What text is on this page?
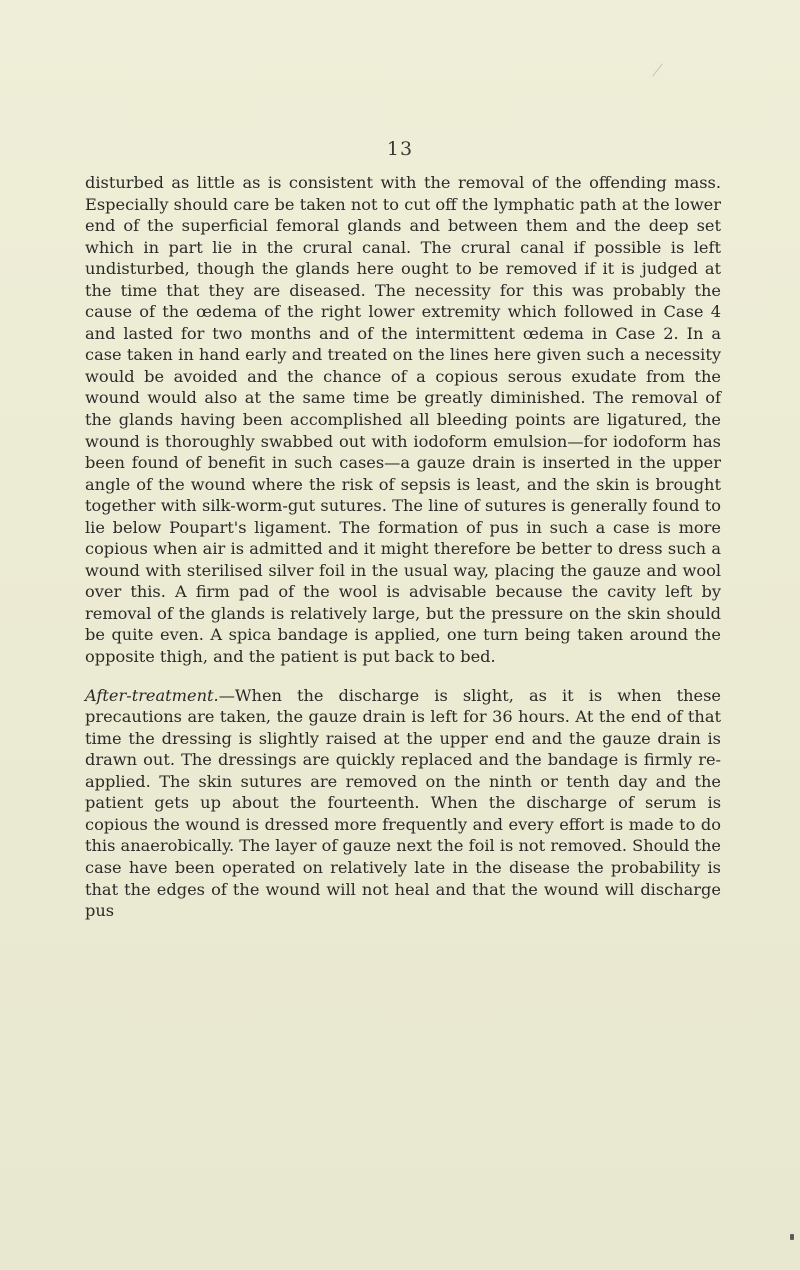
13

disturbed as little as is consistent with the removal of the offending mass. Especially should care be taken not to cut off the lymphatic path at the lower end of the superficial femoral glands and between them and the deep set which in part lie in the crural canal. The crural canal if possible is left undisturbed, though the glands here ought to be removed if it is judged at the time that they are diseased. The necessity for this was probably the cause of the œdema of the right lower extremity which followed in Case 4 and lasted for two months and of the intermittent œdema in Case 2. In a case taken in hand early and treated on the lines here given such a necessity would be avoided and the chance of a copious serous exudate from the wound would also at the same time be greatly diminished. The removal of the glands having been accomplished all bleeding points are ligatured, the wound is thoroughly swabbed out with iodoform emulsion—for iodoform has been found of benefit in such cases—a gauze drain is inserted in the upper angle of the wound where the risk of sepsis is least, and the skin is brought together with silk-worm-gut sutures. The line of sutures is generally found to lie below Poupart's ligament. The formation of pus in such a case is more copious when air is admitted and it might therefore be better to dress such a wound with sterilised silver foil in the usual way, placing the gauze and wool over this. A firm pad of the wool is advisable because the cavity left by removal of the glands is relatively large, but the pressure on the skin should be quite even. A spica bandage is applied, one turn being taken around the opposite thigh, and the patient is put back to bed.

After-treatment.—When the discharge is slight, as it is when these precautions are taken, the gauze drain is left for 36 hours. At the end of that time the dressing is slightly raised at the upper end and the gauze drain is drawn out. The dressings are quickly replaced and the bandage is firmly re-applied. The skin sutures are removed on the ninth or tenth day and the patient gets up about the fourteenth. When the discharge of serum is copious the wound is dressed more frequently and every effort is made to do this anaerobically. The layer of gauze next the foil is not removed. Should the case have been operated on relatively late in the disease the probability is that the edges of the wound will not heal and that the wound will discharge pus
